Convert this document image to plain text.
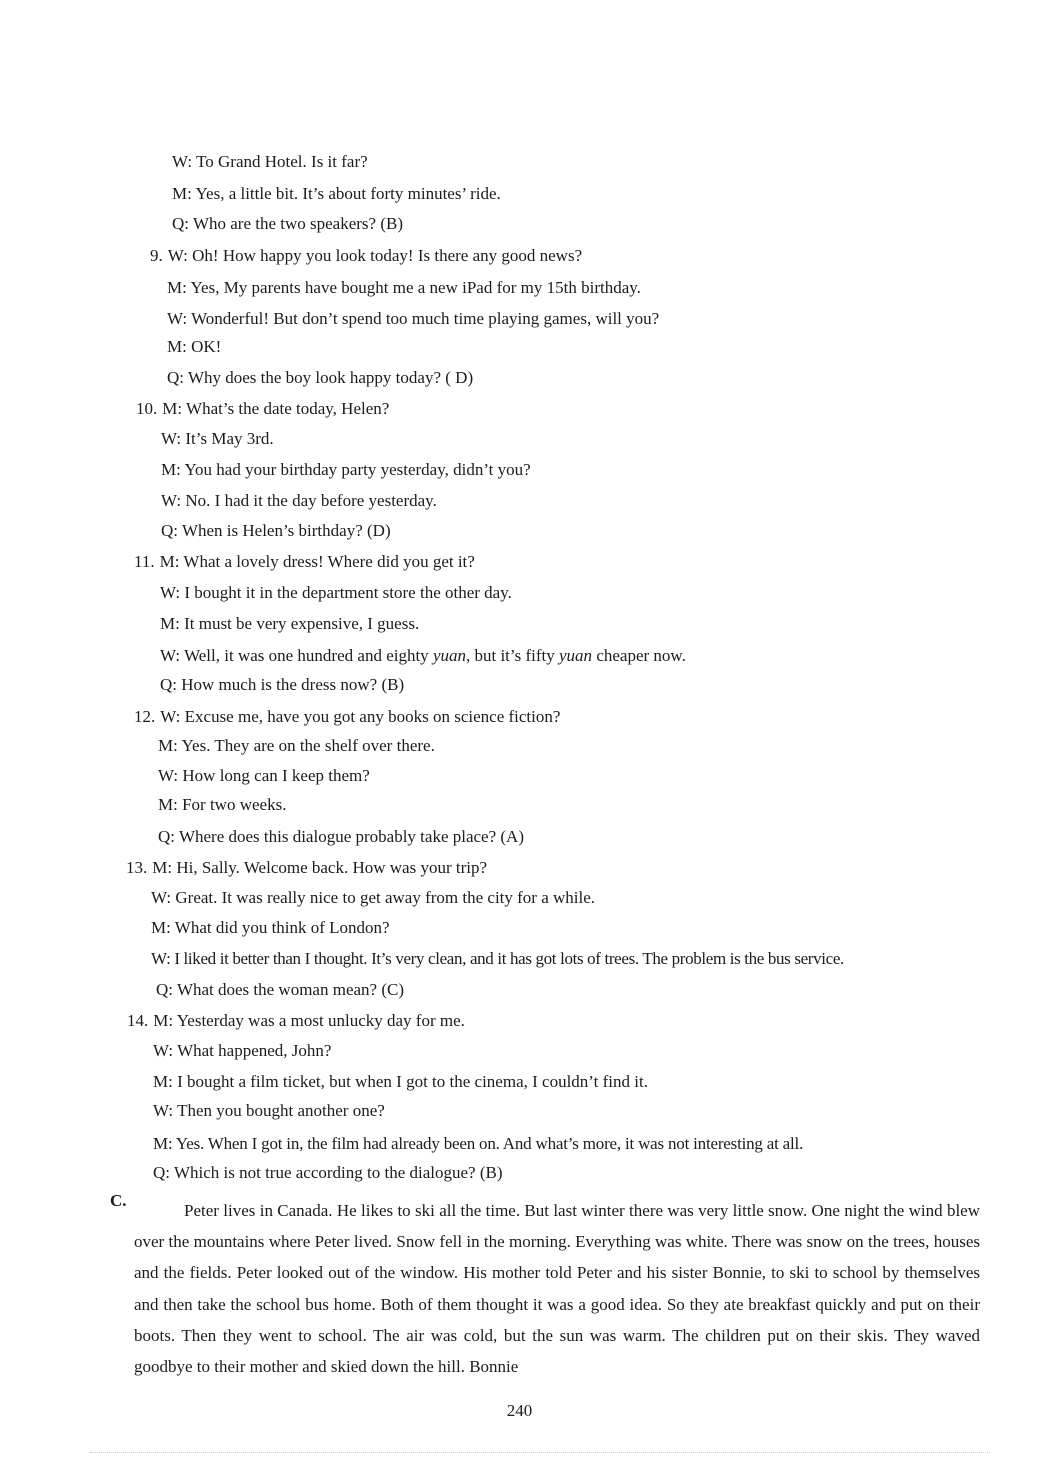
W: To Grand Hotel. Is it far?
M: Yes, a little bit. It’s about forty minutes’ ride.
Q: Who are the two speakers? (B)
9. W: Oh! How happy you look today! Is there any good news?
M: Yes, My parents have bought me a new iPad for my 15th birthday.
W: Wonderful! But don’t spend too much time playing games, will you?
M: OK!
Q: Why does the boy look happy today? ( D)
10. M: What’s the date today, Helen?
W: It’s May 3rd.
M: You had your birthday party yesterday, didn’t you?
W: No. I had it the day before yesterday.
Q: When is Helen’s birthday? (D)
11. M: What a lovely dress! Where did you get it?
W: I bought it in the department store the other day.
M: It must be very expensive, I guess.
W: Well, it was one hundred and eighty yuan, but it’s fifty yuan cheaper now.
Q: How much is the dress now? (B)
12. W: Excuse me, have you got any books on science fiction?
M: Yes. They are on the shelf over there.
W: How long can I keep them?
M: For two weeks.
Q: Where does this dialogue probably take place? (A)
13. M: Hi, Sally. Welcome back. How was your trip?
W: Great. It was really nice to get away from the city for a while.
M: What did you think of London?
W: I liked it better than I thought. It’s very clean, and it has got lots of trees. The problem is the bus service.
Q: What does the woman mean? (C)
14. M: Yesterday was a most unlucky day for me.
W: What happened, John?
M: I bought a film ticket, but when I got to the cinema, I couldn’t find it.
W: Then you bought another one?
M: Yes. When I got in, the film had already been on. And what’s more, it was not interesting at all.
Q: Which is not true according to the dialogue? (B)
C.
Peter lives in Canada. He likes to ski all the time. But last winter there was very little snow. One night the wind blew over the mountains where Peter lived. Snow fell in the morning. Everything was white. There was snow on the trees, houses and the fields. Peter looked out of the window. His mother told Peter and his sister Bonnie, to ski to school by themselves and then take the school bus home. Both of them thought it was a good idea. So they ate breakfast quickly and put on their boots. Then they went to school. The air was cold, but the sun was warm. The children put on their skis. They waved goodbye to their mother and skied down the hill. Bonnie
240
